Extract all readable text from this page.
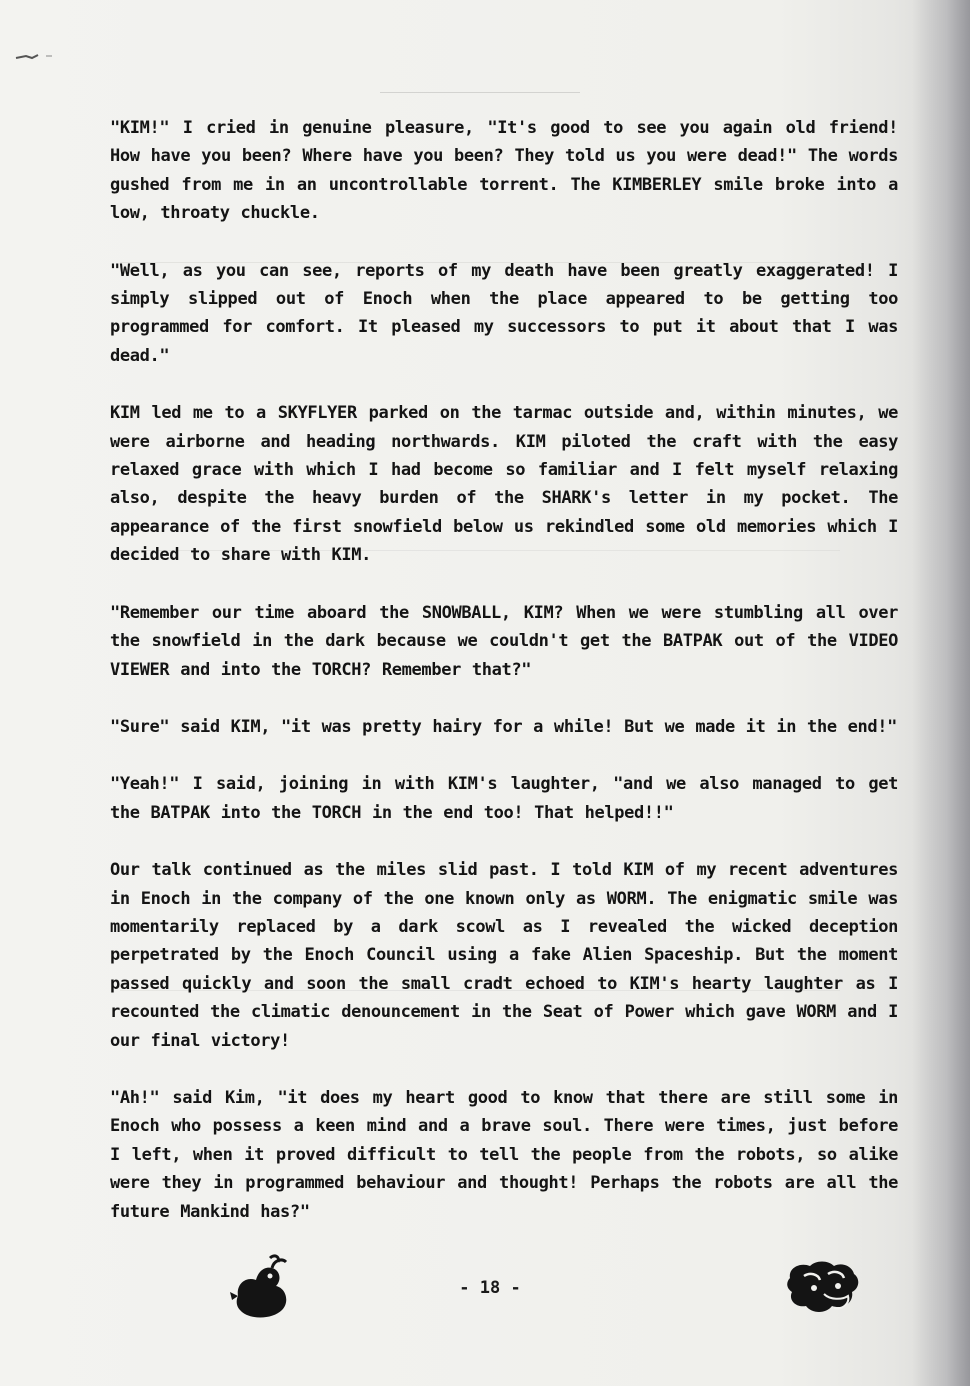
"KIM!" I cried in genuine pleasure, "It's good to see you again old friend! How have you been? Where have you been? They told us you were dead!" The words gushed from me in an uncontrollable torrent. The KIMBERLEY smile broke into a low, throaty chuckle.

"Well, as you can see, reports of my death have been greatly exaggerated! I simply slipped out of Enoch when the place appeared to be getting too programmed for comfort. It pleased my successors to put it about that I was dead."

KIM led me to a SKYFLYER parked on the tarmac outside and, within minutes, we were airborne and heading northwards. KIM piloted the craft with the easy relaxed grace with which I had become so familiar and I felt myself relaxing also, despite the heavy burden of the SHARK's letter in my pocket. The appearance of the first snowfield below us rekindled some old memories which I decided to share with KIM.

"Remember our time aboard the SNOWBALL, KIM? When we were stumbling all over the snowfield in the dark because we couldn't get the BATPAK out of the VIDEO VIEWER and into the TORCH? Remember that?"

"Sure" said KIM, "it was pretty hairy for a while! But we made it in the end!"

"Yeah!" I said, joining in with KIM's laughter, "and we also managed to get the BATPAK into the TORCH in the end too! That helped!!"

Our talk continued as the miles slid past. I told KIM of my recent adventures in Enoch in the company of the one known only as WORM. The enigmatic smile was momentarily replaced by a dark scowl as I revealed the wicked deception perpetrated by the Enoch Council using a fake Alien Spaceship. But the moment passed quickly and soon the small cradt echoed to KIM's hearty laughter as I recounted the climatic denouncement in the Seat of Power which gave WORM and I our final victory!

"Ah!" said Kim, "it does my heart good to know that there are still some in Enoch who possess a keen mind and a brave soul. There were times, just before I left, when it proved difficult to tell the people from the robots, so alike were they in programmed behaviour and thought! Perhaps the robots are all the future Mankind has?"

- 18 -
